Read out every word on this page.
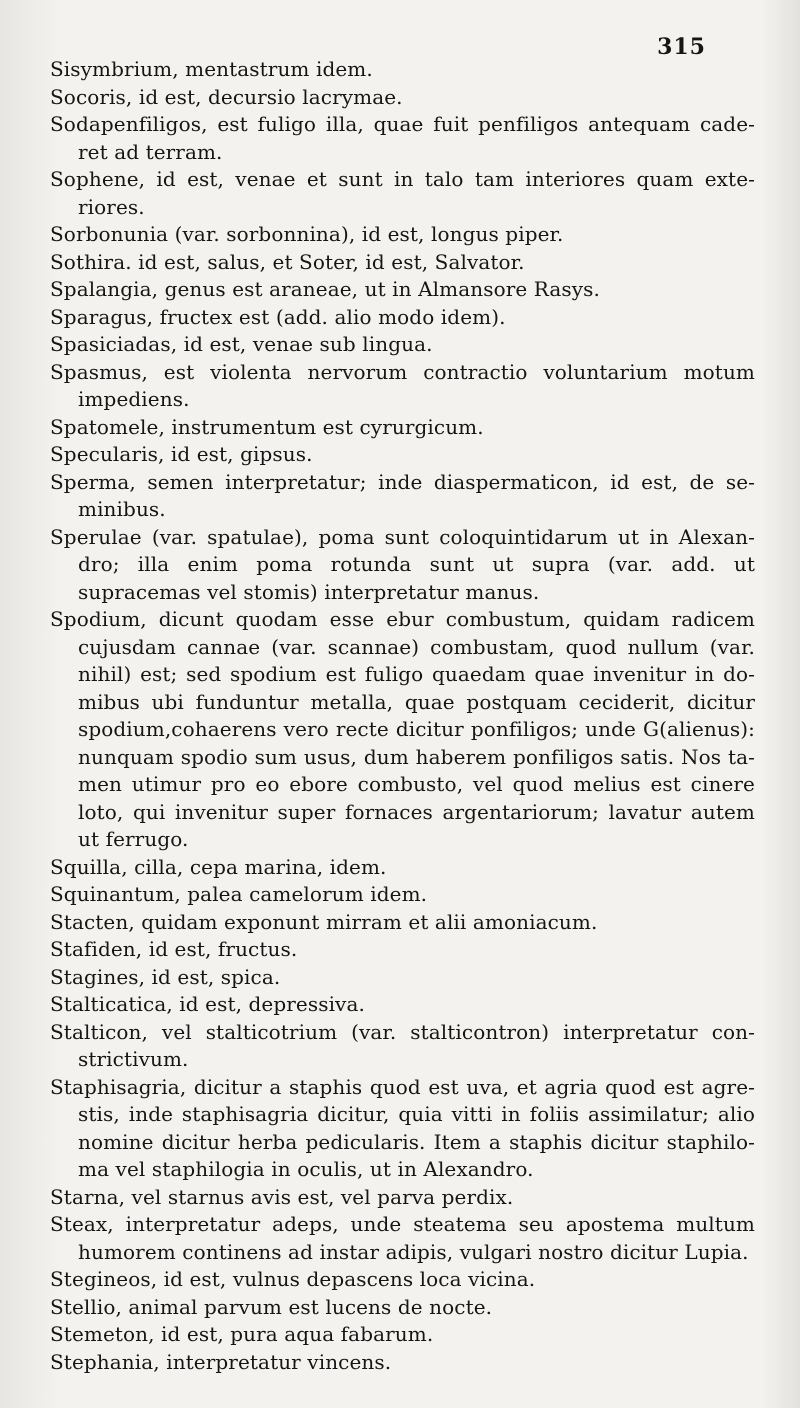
315
Sisymbrium, mentastrum idem.
Socoris, id est, decursio lacrymae.
Sodapenfiligos, est fuligo illa, quae fuit penfiligos antequam cade-ret ad terram.
Sophene, id est, venae et sunt in talo tam interiores quam exte-riores.
Sorbonunia (var. sorbonnina), id est, longus piper.
Sothira. id est, salus, et Soter, id est, Salvator.
Spalangia, genus est araneae, ut in Almansore Rasys.
Sparagus, fructex est (add. alio modo idem).
Spasiciadas, id est, venae sub lingua.
Spasmus, est violenta nervorum contractio voluntarium motum impediens.
Spatomele, instrumentum est cyrurgicum.
Specularis, id est, gipsus.
Sperma, semen interpretatur; inde diaspermaticon, id est, de se-minibus.
Sperulae (var. spatulae), poma sunt coloquintidarum ut in Alexan-dro; illa enim poma rotunda sunt ut supra (var. add. ut supracemas vel stomis) interpretatur manus.
Spodium, dicunt quodam esse ebur combustum, quidam radicem cujusdam cannae (var. scannae) combustam, quod nullum (var. nihil) est; sed spodium est fuligo quaedam quae invenitur in do-mibus ubi funduntur metalla, quae postquam ceciderit, dicitur spodium,cohaerens vero recte dicitur ponfiligos; unde G(alienus): nunquam spodio sum usus, dum haberem ponfiligos satis. Nos ta-men utimur pro eo ebore combusto, vel quod melius est cinere loto, qui invenitur super fornaces argentariorum; lavatur autem ut ferrugo.
Squilla, cilla, cepa marina, idem.
Squinantum, palea camelorum idem.
Stacten, quidam exponunt mirram et alii amoniacum.
Stafiden, id est, fructus.
Stagines, id est, spica.
Stalticatica, id est, depressiva.
Stalticon, vel stalticotrium (var. stalticontron) interpretatur con-strictivum.
Staphisagria, dicitur a staphis quod est uva, et agria quod est agre-stis, inde staphisagria dicitur, quia vitti in foliis assimilatur; alio nomine dicitur herba pedicularis. Item a staphis dicitur staphilo-ma vel staphilogia in oculis, ut in Alexandro.
Starna, vel starnus avis est, vel parva perdix.
Steax, interpretatur adeps, unde steatema seu apostema multum humorem continens ad instar adipis, vulgari nostro dicitur Lupia.
Stegineos, id est, vulnus depascens loca vicina.
Stellio, animal parvum est lucens de nocte.
Stemeton, id est, pura aqua fabarum.
Stephania, interpretatur vincens.
